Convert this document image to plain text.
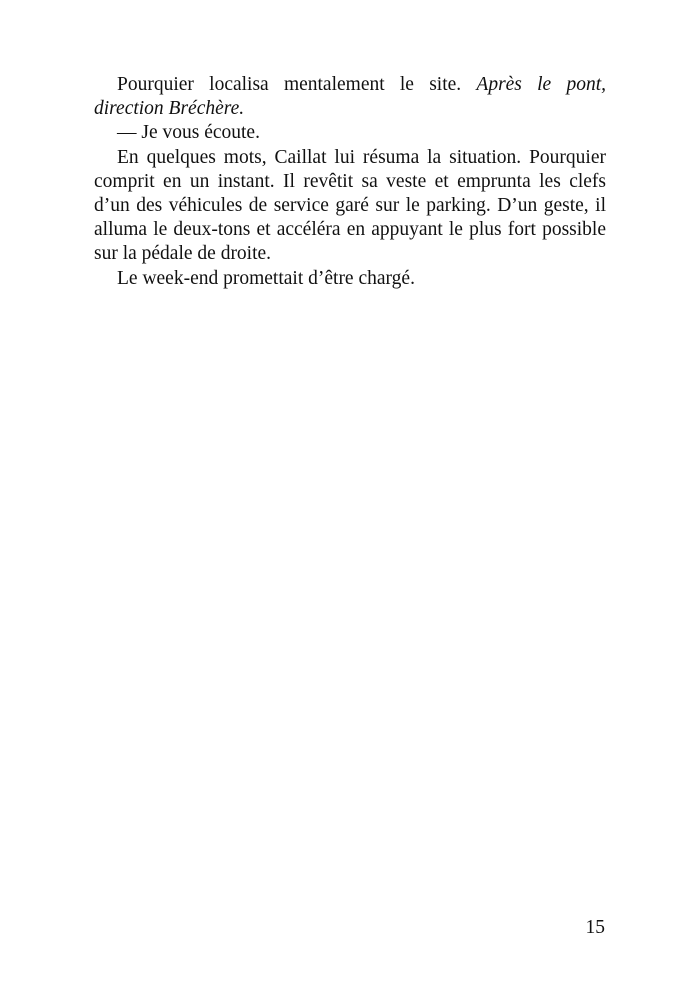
Pourquier localisa mentalement le site. Après le pont, direction Bréchère.

— Je vous écoute.

En quelques mots, Caillat lui résuma la situation. Pourquier comprit en un instant. Il revêtit sa veste et emprunta les clefs d’un des véhicules de service garé sur le parking. D’un geste, il alluma le deux-tons et accéléra en appuyant le plus fort possible sur la pédale de droite.

Le week-end promettait d’être chargé.

15
